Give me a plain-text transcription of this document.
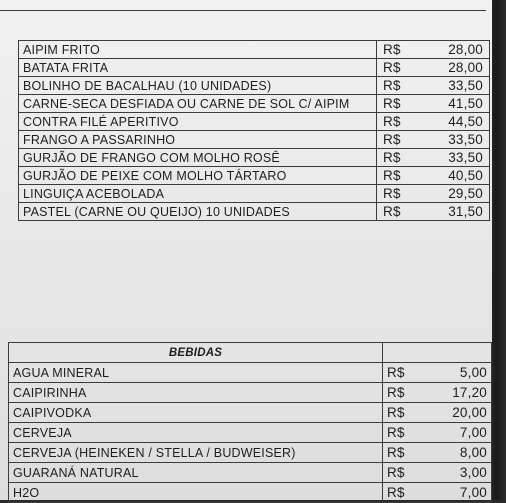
AIPIM FRITO	R$ 28,00
BATATA FRITA	R$ 28,00
BOLINHO DE BACALHAU (10 UNIDADES)	R$ 33,50
CARNE-SECA DESFIADA OU CARNE DE SOL C/ AIPIM	R$ 41,50
CONTRA FILÉ APERITIVO	R$ 44,50
FRANGO A PASSARINHO	R$ 33,50
GURJÃO DE FRANGO COM MOLHO ROSÊ	R$ 33,50
GURJÃO DE PEIXE COM MOLHO TÁRTARO	R$ 40,50
LINGUIÇA ACEBOLADA	R$ 29,50
PASTEL (CARNE OU QUEIJO) 10 UNIDADES	R$ 31,50
BEBIDAS	
AGUA MINERAL	R$ 5,00
CAIPIRINHA	R$ 17,20
CAIPIVODKA	R$ 20,00
CERVEJA	R$ 7,00
CERVEJA (HEINEKEN / STELLA / BUDWEISER)	R$ 8,00
GUARANÁ NATURAL	R$ 3,00
H2O	R$ 7,00
